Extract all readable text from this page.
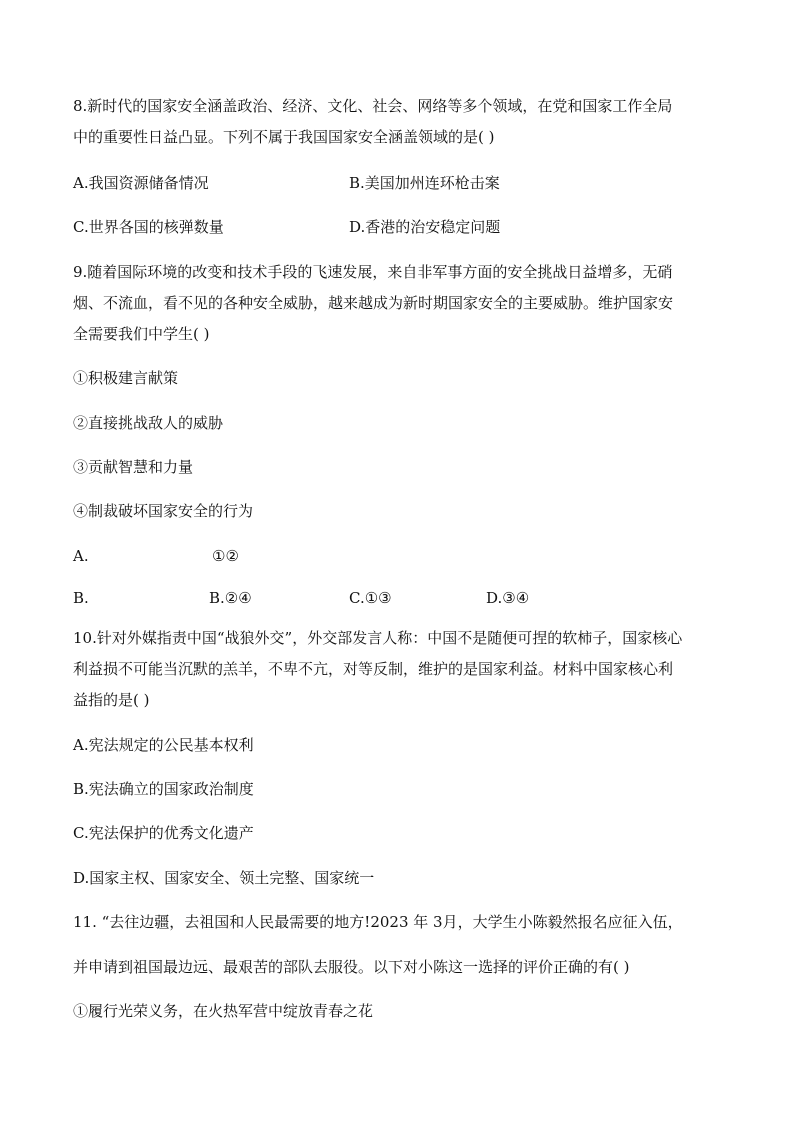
8.新时代的国家安全涵盖政治、经济、文化、社会、网络等多个领域，在党和国家工作全局
中的重要性日益凸显。下列不属于我国国家安全涵盖领域的是( )
A.我国资源储备情况	B.美国加州连环枪击案
C.世界各国的核弹数量	D.香港的治安稳定问题
9.随着国际环境的改变和技术手段的飞速发展，来自非军事方面的安全挑战日益增多，无硝
烟、不流血，看不见的各种安全威胁，越来越成为新时期国家安全的主要威胁。维护国家安
全需要我们中学生( )
①积极建言献策
②直接挑战敌人的威胁
③贡献智慧和力量
④制裁破坏国家安全的行为
A.	①②
B.	B.②④	C.①③	D.③④
10.针对外媒指责中国“战狼外交”，外交部发言人称：中国不是随便可捏的软柿子，国家核心
利益损不可能当沉默的羔羊，不卑不亢，对等反制，维护的是国家利益。材料中国家核心利
益指的是( )
A.宪法规定的公民基本权利
B.宪法确立的国家政治制度
C.宪法保护的优秀文化遗产
D.国家主权、国家安全、领土完整、国家统一
11. “去往边疆，去祖国和人民最需要的地方!2023 年 3月，大学生小陈毅然报名应征入伍，
并申请到祖国最边远、最艰苦的部队去服役。以下对小陈这一选择的评价正确的有( )
①履行光荣义务，在火热军营中绽放青春之花
